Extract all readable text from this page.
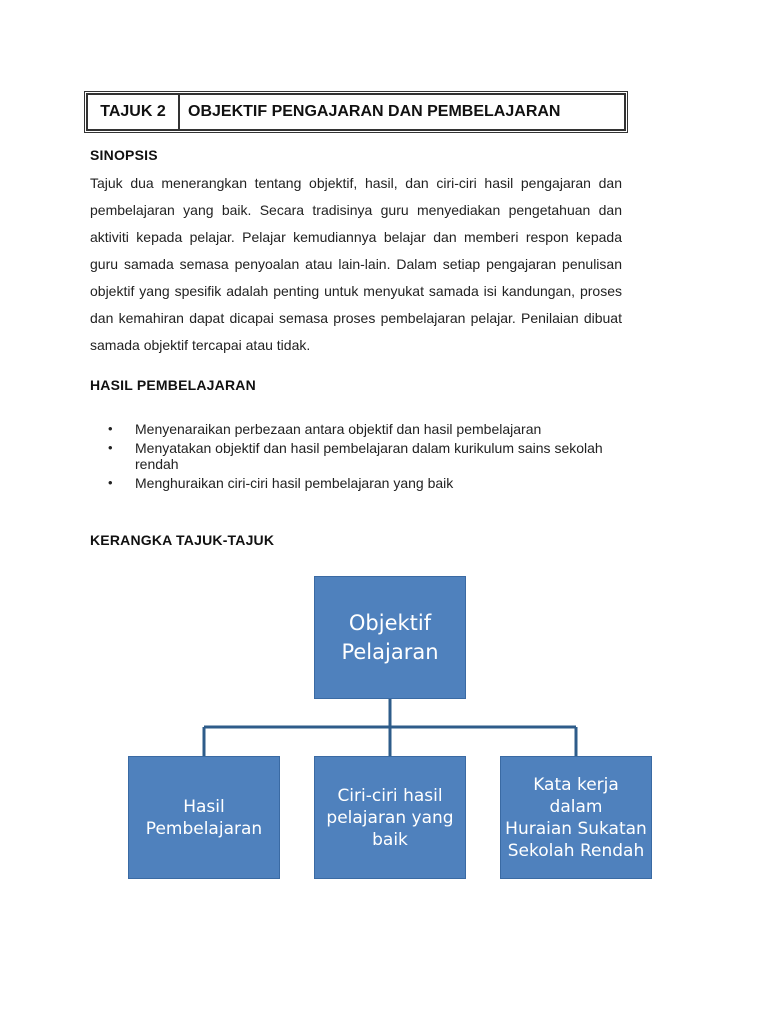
TAJUK 2	OBJEKTIF PENGAJARAN DAN PEMBELAJARAN
SINOPSIS
Tajuk dua menerangkan tentang objektif, hasil, dan ciri-ciri hasil pengajaran dan pembelajaran yang baik. Secara tradisinya guru menyediakan pengetahuan dan aktiviti kepada pelajar. Pelajar kemudiannya belajar dan memberi respon kepada guru samada semasa penyoalan atau lain-lain. Dalam setiap pengajaran penulisan objektif yang spesifik adalah penting untuk menyukat samada isi kandungan, proses dan kemahiran dapat dicapai semasa proses pembelajaran pelajar. Penilaian dibuat samada objektif tercapai atau tidak.
HASIL PEMBELAJARAN
• Menyenaraikan perbezaan antara objektif dan hasil pembelajaran
• Menyatakan objektif dan hasil pembelajaran dalam kurikulum sains sekolah rendah
• Menghuraikan ciri-ciri hasil pembelajaran yang baik
KERANGKA TAJUK-TAJUK
Objektif
Pelajaran
Hasil Pembelajaran
Ciri-ciri hasil
pelajaran yang baik
Kata kerja dalam
Huraian Sukatan
Sekolah Rendah
